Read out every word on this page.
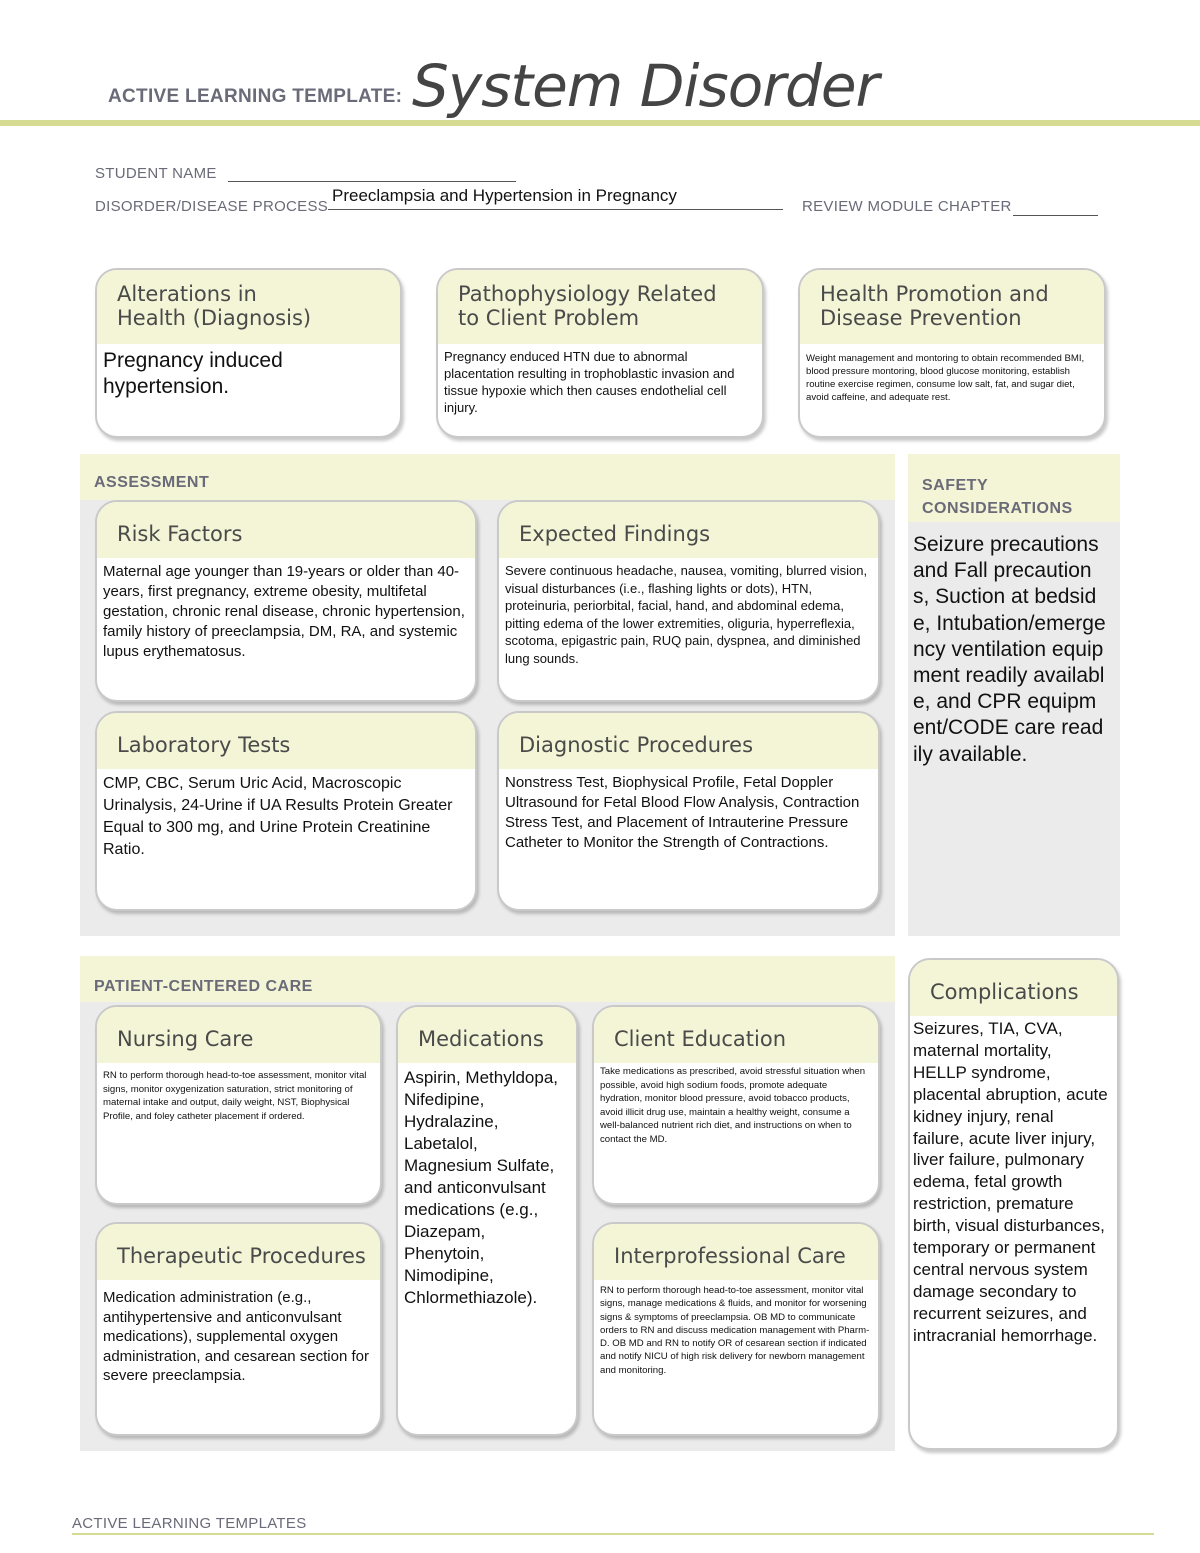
ACTIVE LEARNING TEMPLATE: System Disorder
STUDENT NAME
DISORDER/DISEASE PROCESS
Preeclampsia and Hypertension in Pregnancy
REVIEW MODULE CHAPTER
Alterations in
Health (Diagnosis)
Pregnancy induced hypertension.
Pathophysiology Related
to Client Problem
Pregnancy enduced HTN due to abnormal placentation resulting in trophoblastic invasion and tissue hypoxie which then causes endothelial cell injury.
Health Promotion and
Disease Prevention
Weight management and montoring to obtain recommended BMI, blood pressure montoring, blood glucose monitoring, establish routine exercise regimen, consume low salt, fat, and sugar diet, avoid caffeine, and adequate rest.
ASSESSMENT
Risk Factors
Maternal age younger than 19-years or older than 40-years, first pregnancy, extreme obesity, multifetal gestation, chronic renal disease, chronic hypertension, family history of preeclampsia, DM, RA, and systemic lupus erythematosus.
Expected Findings
Severe continuous headache, nausea, vomiting, blurred vision, visual disturbances (i.e., flashing lights or dots), HTN, proteinuria, periorbital, facial, hand, and abdominal edema, pitting edema of the lower extremities, oliguria, hyperreflexia, scotoma, epigastric pain, RUQ pain, dyspnea, and diminished lung sounds.
Laboratory Tests
CMP, CBC, Serum Uric Acid, Macroscopic Urinalysis, 24-Urine if UA Results Protein Greater Equal to 300 mg, and Urine Protein Creatinine Ratio.
Diagnostic Procedures
Nonstress Test, Biophysical Profile, Fetal Doppler Ultrasound for Fetal Blood Flow Analysis, Contraction Stress Test, and Placement of Intrauterine Pressure Catheter to Monitor the Strength of Contractions.
SAFETY
CONSIDERATIONS
Seizure precautions and Fall precautions, Suction at bedside, Intubation/emergency ventilation equipment readily available, and CPR equipment/CODE care readily available.
PATIENT-CENTERED CARE
Nursing Care
RN to perform thorough head-to-toe assessment, monitor vital signs, monitor oxygenization saturation, strict monitoring of maternal intake and output, daily weight, NST, Biophysical Profile, and foley catheter placement if ordered.
Medications
Aspirin, Methyldopa, Nifedipine, Hydralazine, Labetalol, Magnesium Sulfate, and anticonvulsant medications (e.g., Diazepam, Phenytoin, Nimodipine, Chlormethiazole).
Client Education
Take medications as prescribed, avoid stressful situation when possible, avoid high sodium foods, promote adequate hydration, monitor blood pressure, avoid tobacco products, avoid illicit drug use, maintain a healthy weight, consume a well-balanced nutrient rich diet, and instructions on when to contact the MD.
Therapeutic Procedures
Medication administration (e.g., antihypertensive and anticonvulsant medications), supplemental oxygen administration, and cesarean section for severe preeclampsia.
Interprofessional Care
RN to perform thorough head-to-toe assessment, monitor vital signs, manage medications & fluids, and monitor for worsening signs & symptoms of preeclampsia. OB MD to communicate orders to RN and discuss medication management with Pharm-D. OB MD and RN to notify OR of cesarean section if indicated and notify NICU of high risk delivery for newborn management and monitoring.
Complications
Seizures, TIA, CVA, maternal mortality, HELLP syndrome, placental abruption, acute kidney injury, renal failure, acute liver injury, liver failure, pulmonary edema, fetal growth restriction, premature birth, visual disturbances, temporary or permanent central nervous system damage secondary to recurrent seizures, and intracranial hemorrhage.
ACTIVE LEARNING TEMPLATES
